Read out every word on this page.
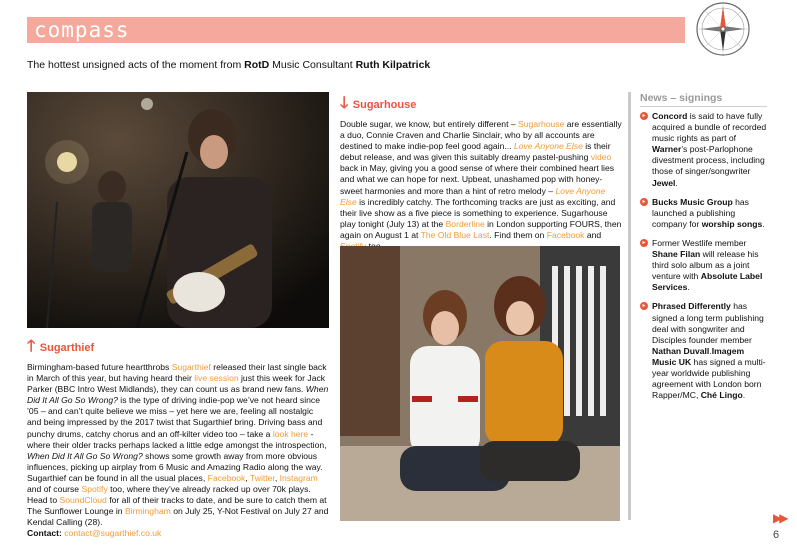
compass
The hottest unsigned acts of the moment from RotD Music Consultant Ruth Kilpatrick
🡑 Sugarthief

Birmingham-based future heartthrobs Sugarthief released their last single back in March of this year, but having heard their live session just this week for Jack Parker (BBC Intro West Midlands), they can count us as brand new fans. When Did It All Go So Wrong? is the type of driving indie-pop we’ve not heard since ’05 – and can’t quite believe we miss – yet here we are, feeling all nostalgic and being impressed by the 2017 twist that Sugarthief bring. Driving bass and punchy drums, catchy chorus and an off-kilter video too – take a look here - where their older tracks perhaps lacked a little edge amongst the introspection, When Did It All Go So Wrong? shows some growth away from more obvious influences, picking up airplay from 6 Music and Amazing Radio along the way. Sugarthief can be found in all the usual places, Facebook, Twitter, Instagram and of course Spotify too, where they’ve already racked up over 70k plays. Head to SoundCloud for all of their tracks to date, and be sure to catch them at The Sunflower Lounge in Birmingham on July 25, Y-Not Festival on July 27 and Kendal Calling (28).
Contact: contact@sugarthief.co.uk

🡓 Sugarhouse

Double sugar, we know, but entirely different – Sugarhouse are essentially a duo, Connie Craven and Charlie Sinclair, who by all accounts are destined to make indie-pop feel good again... Love Anyone Else is their debut release, and was given this suitably dreamy pastel-pushing video back in May, giving you a good sense of where their combined heart lies and what we can hope for next. Upbeat, unashamed pop with honey-sweet harmonies and more than a hint of retro melody – Love Anyone Else is incredibly catchy. The forthcoming tracks are just as exciting, and their live show as a five piece is something to experience. Sugarhouse play tonight (July 13) at the Borderline in London supporting FOURS, then again on August 1 at The Old Blue Last. Find them on Facebook and

News – signings
▸ Concord is said to have fully acquired a bundle of recorded music rights as part of Warner’s post-Parlophone divestment process, including those of singer/songwriter Jewel.
▸ Bucks Music Group has launched a publishing company for worship songs.
▸ Former Westlife member Shane Filan will release his third solo album as a joint venture with Absolute Label Services.
▸ Phrased Differently has signed a long term publishing deal with songwriter and Disciples founder member Nathan Duvall.Imagem Music UK has signed a multi-year worldwide publishing agreement with London born Rapper/MC, Ché Lingo.
▶▶
6
